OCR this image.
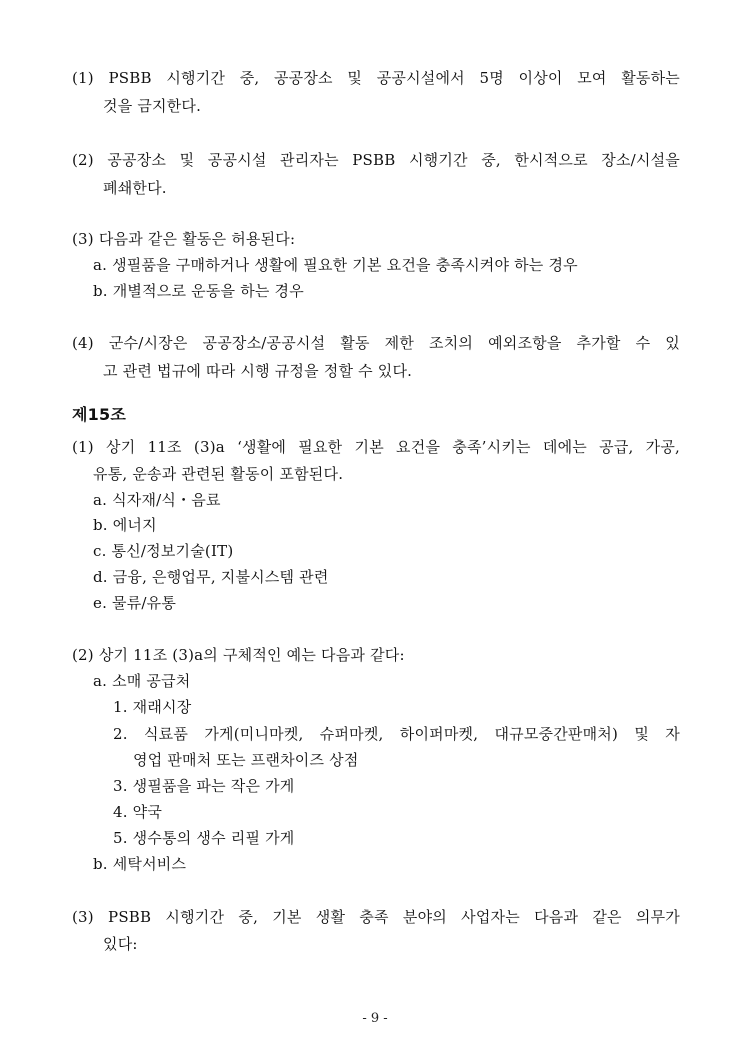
(1) PSBB 시행기간 중, 공공장소 및 공공시설에서 5명 이상이 모여 활동하는
것을 금지한다.
(2) 공공장소 및 공공시설 관리자는 PSBB 시행기간 중, 한시적으로 장소/시설을
폐쇄한다.
(3) 다음과 같은 활동은 허용된다:
a. 생필품을 구매하거나 생활에 필요한 기본 요건을 충족시켜야 하는 경우
b. 개별적으로 운동을 하는 경우
(4) 군수/시장은 공공장소/공공시설 활동 제한 조치의 예외조항을 추가할 수 있
고 관련 법규에 따라 시행 규정을 정할 수 있다.
제15조
(1) 상기 11조 (3)a ‘생활에 필요한 기본 요건을 충족’시키는 데에는 공급, 가공,
유통, 운송과 관련된 활동이 포함된다.
a. 식자재/식・음료
b. 에너지
c. 통신/정보기술(IT)
d. 금융, 은행업무, 지불시스템 관련
e. 물류/유통
(2) 상기 11조 (3)a의 구체적인 예는 다음과 같다:
a. 소매 공급처
1. 재래시장
2. 식료품 가게(미니마켓, 슈퍼마켓, 하이퍼마켓, 대규모중간판매처) 및 자
영업 판매처 또는 프랜차이즈 상점
3. 생필품을 파는 작은 가게
4. 약국
5. 생수통의 생수 리필 가게
b. 세탁서비스
(3) PSBB 시행기간 중, 기본 생활 충족 분야의 사업자는 다음과 같은 의무가
있다:
- 9 -
